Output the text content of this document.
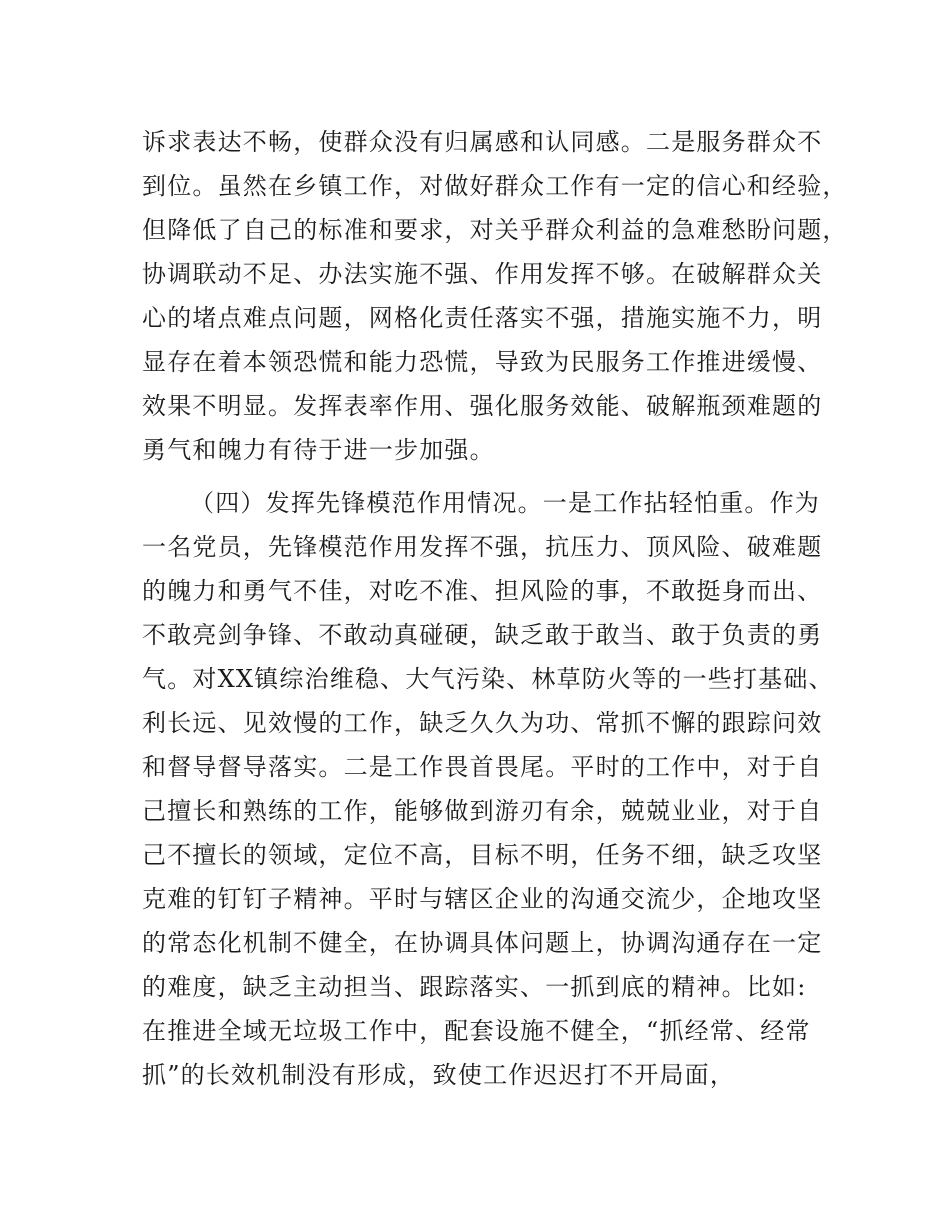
诉求表达不畅，使群众没有归属感和认同感。二是服务群众不
到位。虽然在乡镇工作，对做好群众工作有一定的信心和经验，
但降低了自己的标准和要求，对关乎群众利益的急难愁盼问题，
协调联动不足、办法实施不强、作用发挥不够。在破解群众关
心的堵点难点问题，网格化责任落实不强，措施实施不力，明
显存在着本领恐慌和能力恐慌，导致为民服务工作推进缓慢、
效果不明显。发挥表率作用、强化服务效能、破解瓶颈难题的
勇气和魄力有待于进一步加强。
（四）发挥先锋模范作用情况。一是工作拈轻怕重。作为
一名党员，先锋模范作用发挥不强，抗压力、顶风险、破难题
的魄力和勇气不佳，对吃不准、担风险的事，不敢挺身而出、
不敢亮剑争锋、不敢动真碰硬，缺乏敢于敢当、敢于负责的勇
气。对XX镇综治维稳、大气污染、林草防火等的一些打基础、
利长远、见效慢的工作，缺乏久久为功、常抓不懈的跟踪问效
和督导督导落实。二是工作畏首畏尾。平时的工作中，对于自
己擅长和熟练的工作，能够做到游刃有余，兢兢业业，对于自
己不擅长的领域，定位不高，目标不明，任务不细，缺乏攻坚
克难的钉钉子精神。平时与辖区企业的沟通交流少，企地攻坚
的常态化机制不健全，在协调具体问题上，协调沟通存在一定
的难度，缺乏主动担当、跟踪落实、一抓到底的精神。比如:
在推进全域无垃圾工作中，配套设施不健全，“抓经常、经常
抓”的长效机制没有形成，致使工作迟迟打不开局面，
